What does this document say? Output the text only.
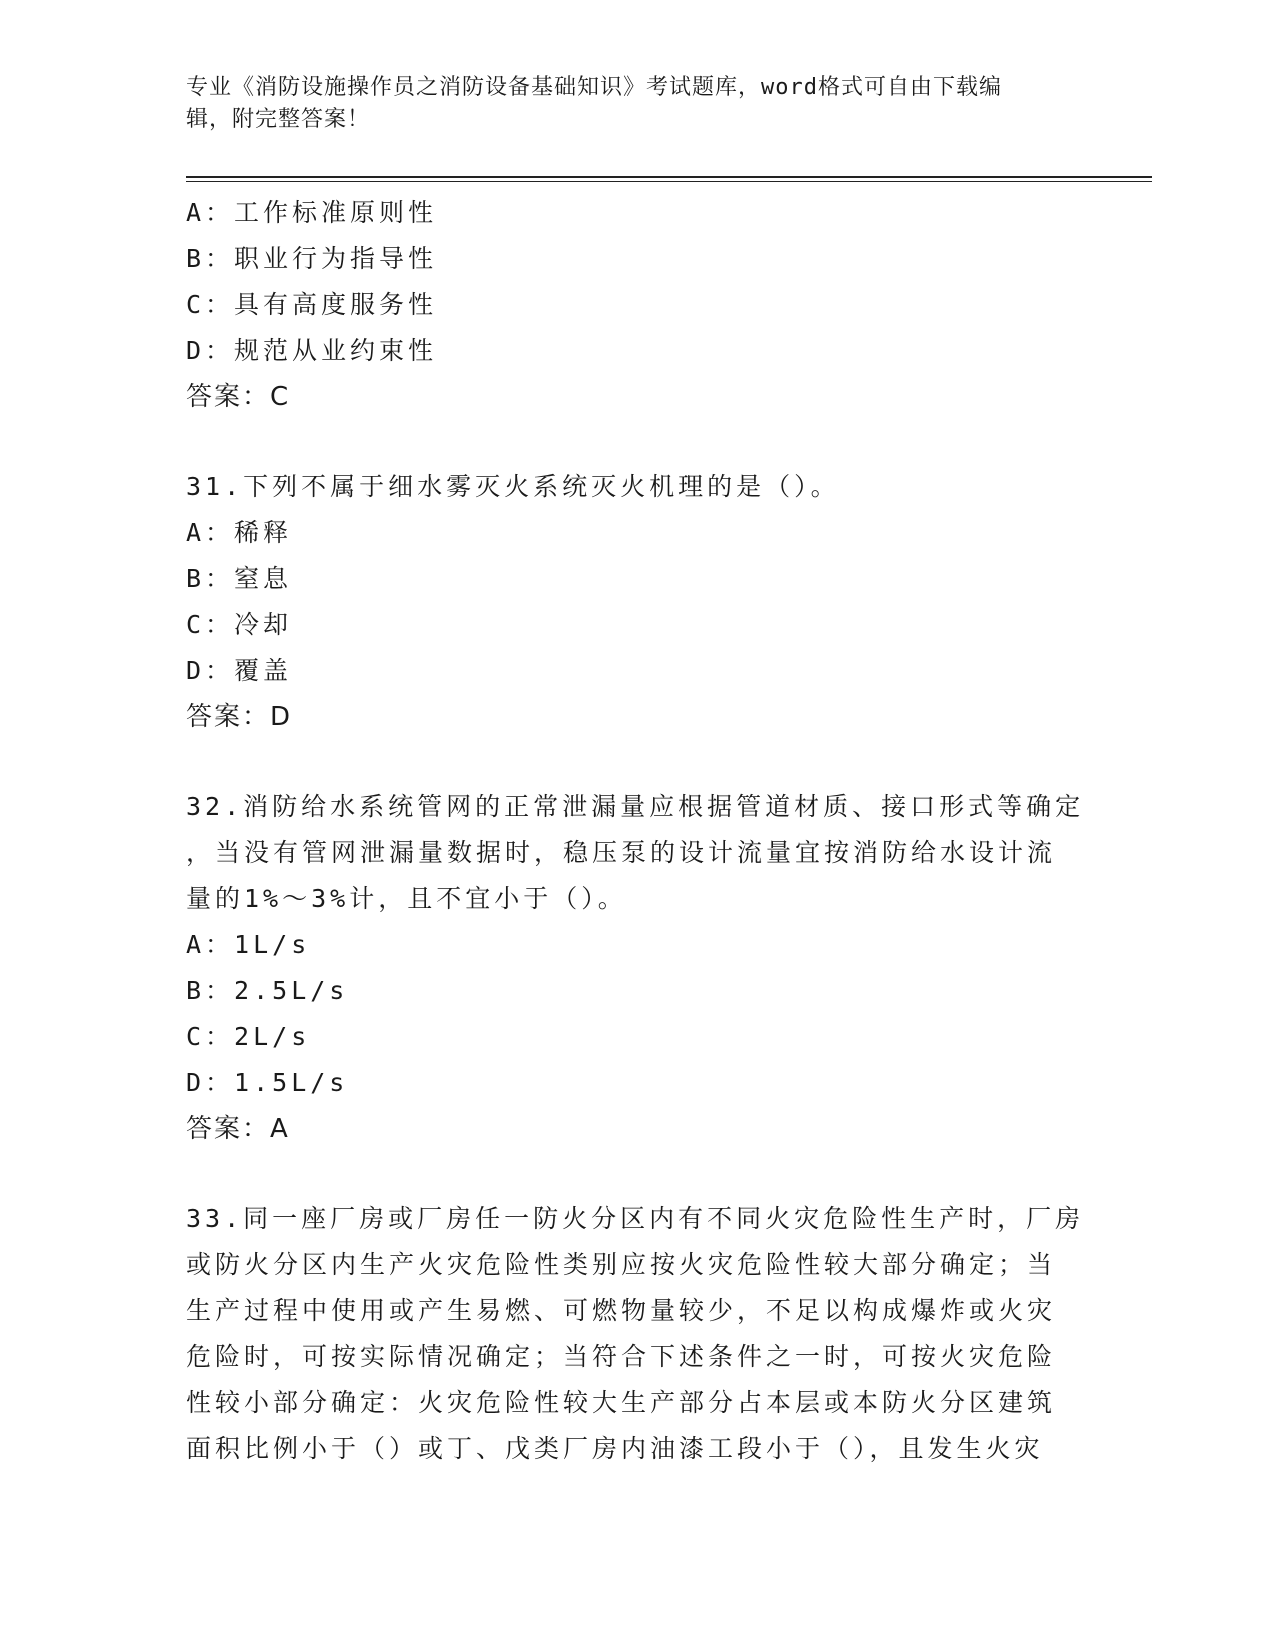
专业《消防设施操作员之消防设备基础知识》考试题库，word格式可自由下载编
辑，附完整答案！
A：工作标准原则性
B：职业行为指导性
C：具有高度服务性
D：规范从业约束性
答案：C
31.下列不属于细水雾灭火系统灭火机理的是（）。
A：稀释
B：窒息
C：冷却
D：覆盖
答案：D
32.消防给水系统管网的正常泄漏量应根据管道材质、接口形式等确定
，当没有管网泄漏量数据时，稳压泵的设计流量宜按消防给水设计流
量的1%～3%计，且不宜小于（）。
A：1L/s
B：2.5L/s
C：2L/s
D：1.5L/s
答案：A
33.同一座厂房或厂房任一防火分区内有不同火灾危险性生产时，厂房
或防火分区内生产火灾危险性类别应按火灾危险性较大部分确定；当
生产过程中使用或产生易燃、可燃物量较少，不足以构成爆炸或火灾
危险时，可按实际情况确定；当符合下述条件之一时，可按火灾危险
性较小部分确定：火灾危险性较大生产部分占本层或本防火分区建筑
面积比例小于（）或丁、戊类厂房内油漆工段小于（），且发生火灾
